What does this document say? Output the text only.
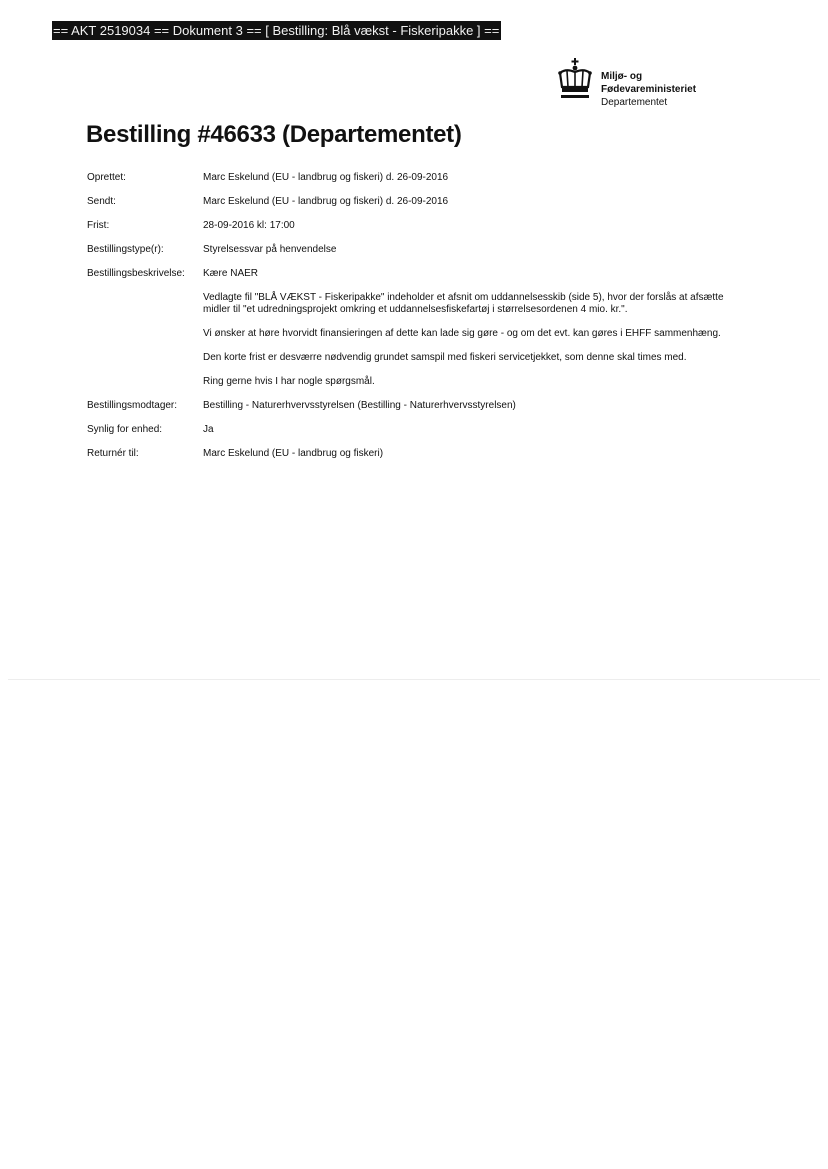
== AKT 2519034 == Dokument 3 == [ Bestilling: Blå vækst - Fiskeripakke ] ==
Miljø- og
Fødevareministeriet
Departementet
Bestilling #46633 (Departementet)
Oprettet:	Marc Eskelund (EU - landbrug og fiskeri) d. 26-09-2016
Sendt:	Marc Eskelund (EU - landbrug og fiskeri) d. 26-09-2016
Frist:	28-09-2016 kl: 17:00
Bestillingstype(r):	Styrelsessvar på henvendelse
Bestillingsbeskrivelse:	Kære NAER

Vedlagte fil "BLÅ VÆKST - Fiskeripakke" indeholder et afsnit om uddannelsesskib (side 5), hvor der forslås at afsætte midler til "et udredningsprojekt omkring et uddannelsesfiskefartøj i størrelsesordenen 4 mio. kr.".

Vi ønsker at høre hvorvidt finansieringen af dette kan lade sig gøre - og om det evt. kan gøres i EHFF sammenhæng.

Den korte frist er desværre nødvendig grundet samspil med fiskeri servicetjekket, som denne skal times med.

Ring gerne hvis I har nogle spørgsmål.

Bestillingsmodtager:	Bestilling - Naturerhvervsstyrelsen (Bestilling - Naturerhvervsstyrelsen)
Synlig for enhed:	Ja
Returnér til:	Marc Eskelund (EU - landbrug og fiskeri)
